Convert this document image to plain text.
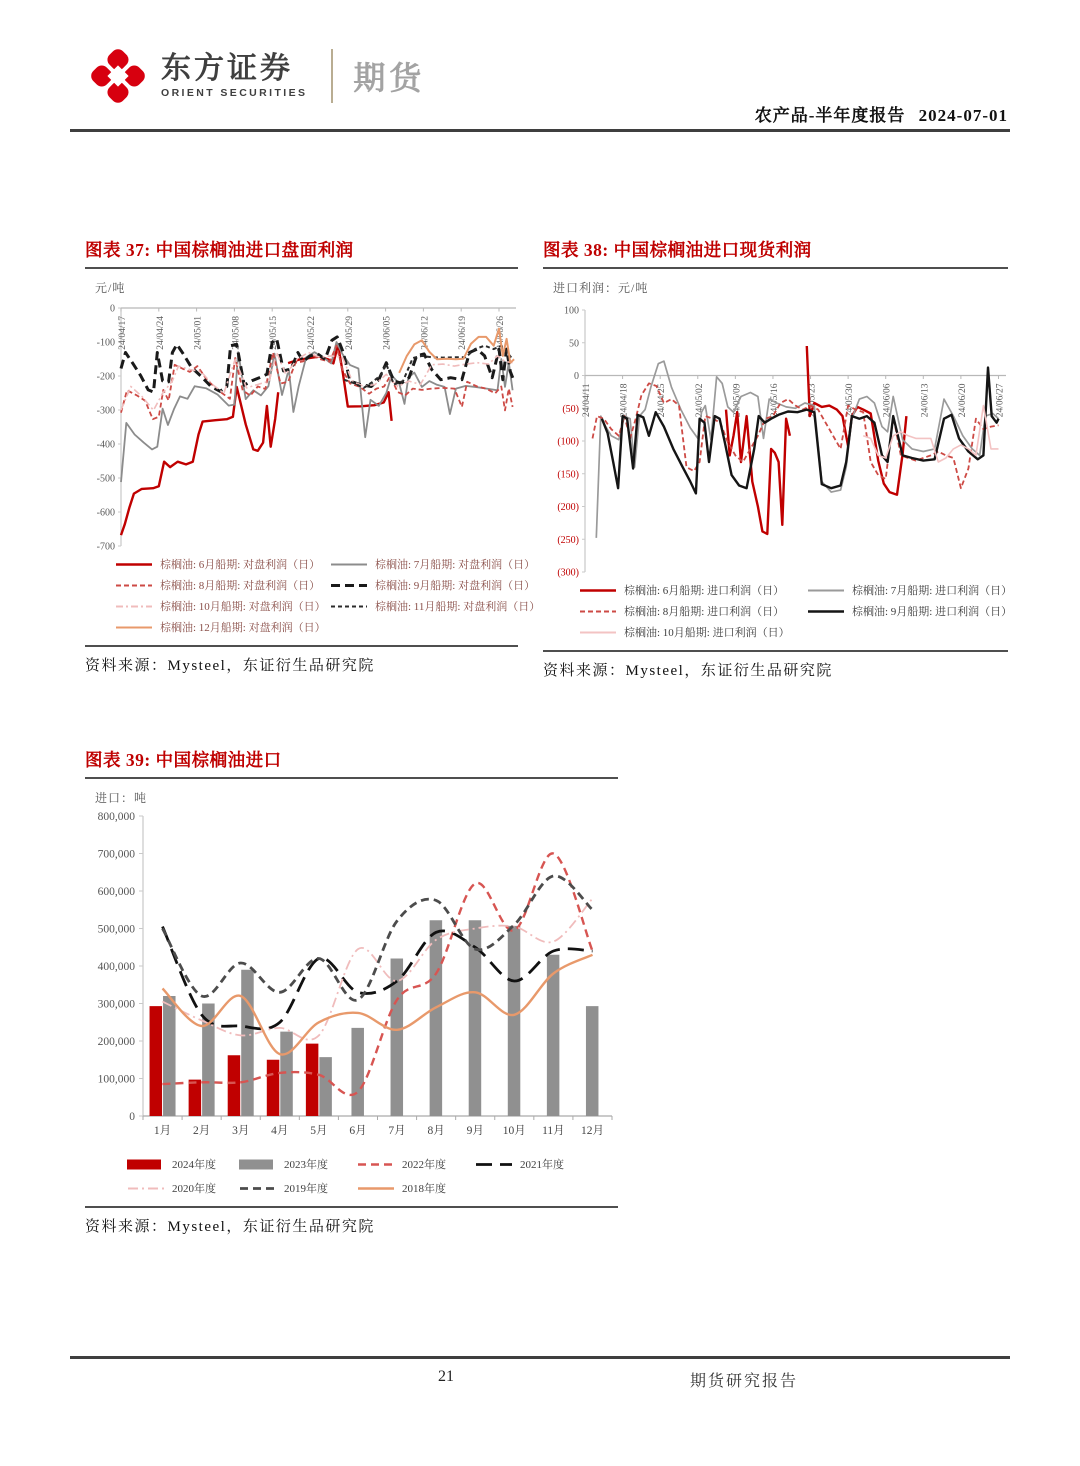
东方证券
ORIENT SECURITIES 期货
农产品-半年度报告 2024-07-01
图表 37: 中国棕榈油进口盘面利润
元/吨
0
-100
-200
-300
-400
-500
-600
-700
24/04/17	24/04/24	24/05/01	24/05/08	24/05/15	24/05/22	24/05/29	24/06/05	24/06/12	24/06/19	24/06/26
棕榈油: 6月船期: 对盘利润（日）	棕榈油: 7月船期: 对盘利润（日）
棕榈油: 8月船期: 对盘利润（日）	棕榈油: 9月船期: 对盘利润（日）
棕榈油: 10月船期: 对盘利润（日）	棕榈油: 11月船期: 对盘利润（日）
棕榈油: 12月船期: 对盘利润（日）
资料来源：Mysteel，东证衍生品研究院
图表 38: 中国棕榈油进口现货利润
进口利润：元/吨
100
50
0
(50)
(100)
(150)
(200)
(250)
(300)
24/04/11	24/04/18	24/04/25	24/05/02	24/05/09	24/05/16	24/05/23	24/05/30	24/06/06	24/06/13	24/06/20	24/06/27
棕榈油: 6月船期: 进口利润（日）	棕榈油: 7月船期: 进口利润（日）
棕榈油: 8月船期: 进口利润（日）	棕榈油: 9月船期: 进口利润（日）
棕榈油: 10月船期: 进口利润（日）
资料来源：Mysteel，东证衍生品研究院
图表 39: 中国棕榈油进口
进口：吨
800,000
700,000
600,000
500,000
400,000
300,000
200,000
100,000
0
1月 2月 3月 4月 5月 6月 7月 8月 9月 10月 11月 12月
2024年度	2023年度	2022年度	2021年度
2020年度	2019年度	2018年度
资料来源：Mysteel，东证衍生品研究院
21	期货研究报告
